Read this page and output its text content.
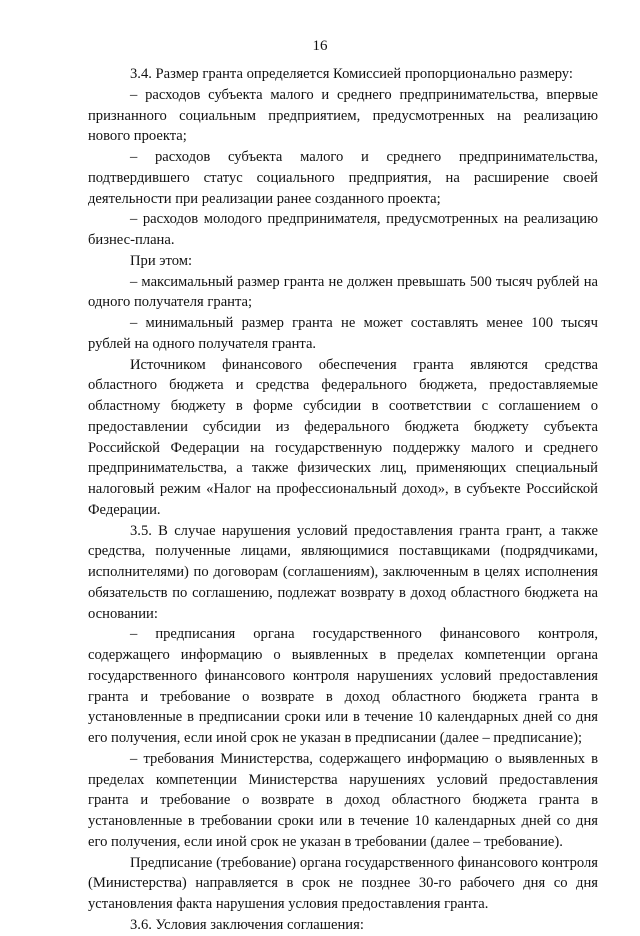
16

3.4. Размер гранта определяется Комиссией пропорционально размеру:

– расходов субъекта малого и среднего предпринимательства, впервые признанного социальным предприятием, предусмотренных на реализацию нового проекта;

– расходов субъекта малого и среднего предпринимательства, подтвердившего статус социального предприятия, на расширение своей деятельности при реализации ранее созданного проекта;

– расходов молодого предпринимателя, предусмотренных на реализацию бизнес-плана.

При этом:

– максимальный размер гранта не должен превышать 500 тысяч рублей на одного получателя гранта;

– минимальный размер гранта не может составлять менее 100 тысяч рублей на одного получателя гранта.

Источником финансового обеспечения гранта являются средства областного бюджета и средства федерального бюджета, предоставляемые областному бюджету в форме субсидии в соответствии с соглашением о предоставлении субсидии из федерального бюджета бюджету субъекта Российской Федерации на государственную поддержку малого и среднего предпринимательства, а также физических лиц, применяющих специальный налоговый режим «Налог на профессиональный доход», в субъекте Российской Федерации.

3.5. В случае нарушения условий предоставления гранта грант, а также средства, полученные лицами, являющимися поставщиками (подрядчиками, исполнителями) по договорам (соглашениям), заключенным в целях исполнения обязательств по соглашению, подлежат возврату в доход областного бюджета на основании:

– предписания органа государственного финансового контроля, содержащего информацию о выявленных в пределах компетенции органа государственного финансового контроля нарушениях условий предоставления гранта и требование о возврате в доход областного бюджета гранта в установленные в предписании сроки или в течение 10 календарных дней со дня его получения, если иной срок не указан в предписании (далее – предписание);

– требования Министерства, содержащего информацию о выявленных в пределах компетенции Министерства нарушениях условий предоставления гранта и требование о возврате в доход областного бюджета гранта в установленные в требовании сроки или в течение 10 календарных дней со дня его получения, если иной срок не указан в требовании (далее – требование).

Предписание (требование) органа государственного финансового контроля (Министерства) направляется в срок не позднее 30-го рабочего дня со дня установления факта нарушения условия предоставления гранта.

3.6. Условия заключения соглашения:
